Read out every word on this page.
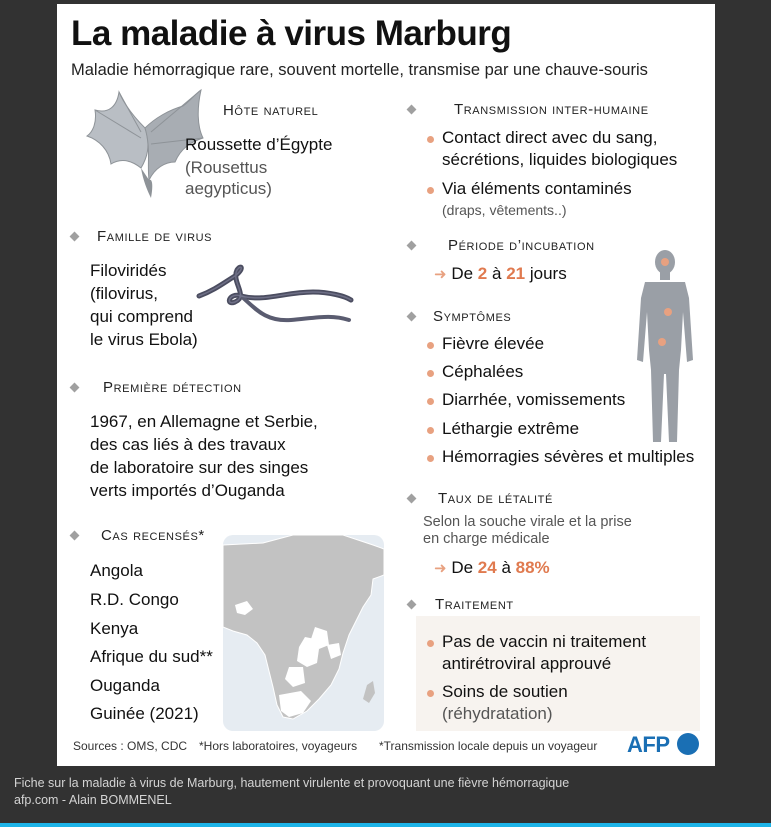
La maladie à virus Marburg
Maladie hémorragique rare, souvent mortelle, transmise par une chauve-souris
Hôte naturel
Roussette d’Égypte
(Rousettus
aegypticus)
Famille de virus
Filoviridés
(filovirus,
qui comprend
le virus Ebola)
Première détection
1967, en Allemagne et Serbie,
des cas liés à des travaux
de laboratoire sur des singes
verts importés d’Ouganda
Cas recensés*
Angola
R.D. Congo
Kenya
Afrique du sud**
Ouganda
Guinée (2021)
Transmission inter-humaine
Contact direct avec du sang,
sécrétions, liquides biologiques
Via éléments contaminés
(draps, vêtements..)
Période d’incubation
➜ De 2 à 21 jours
Symptômes
Fièvre élevée
Céphalées
Diarrhée, vomissements
Léthargie extrême
Hémorragies sévères et multiples
Taux de létalité
Selon la souche virale et la prise
en charge médicale
➜ De 24 à 88%
Traitement
Pas de vaccin ni traitement
antirétroviral approuvé
Soins de soutien
(réhydratation)
Sources : OMS, CDC *Hors laboratoires, voyageurs *Transmission locale depuis un voyageur AFP
Fiche sur la maladie à virus de Marburg, hautement virulente et provoquant une fièvre hémorragique
afp.com - Alain BOMMENEL
